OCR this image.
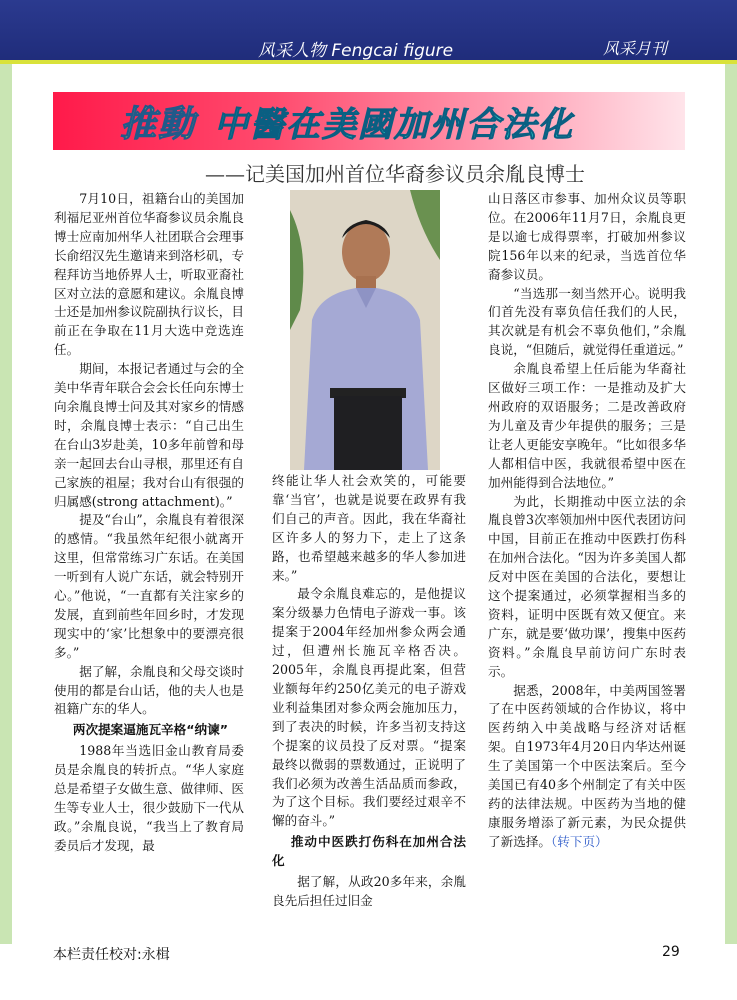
风采人物 Fengcai figure	风采月刊
推動 中醫在美國加州合法化
——记美国加州首位华裔参议员余胤良博士

7月10日，祖籍台山的美国加利福尼亚州首位华裔参议员余胤良博士应南加州华人社团联合会理事长俞绍汉先生邀请来到洛杉矶，专程拜访当地侨界人士，听取亚裔社区对立法的意愿和建议。余胤良博士还是加州参议院副执行议长，目前正在争取在11月大选中竞选连任。

期间，本报记者通过与会的全美中华青年联合会会长任向东博士向余胤良博士问及其对家乡的情感时，余胤良博士表示：“自己出生在台山3岁赴美，10多年前曾和母亲一起回去台山寻根，那里还有自己家族的祖屋；我对台山有很强的归属感(strong attachment)。”

提及“台山”，余胤良有着很深的感情。“我虽然年纪很小就离开这里，但常常练习广东话。在美国一听到有人说广东话，就会特别开心。”他说，“一直都有关注家乡的发展，直到前些年回乡时，才发现现实中的‘家’比想象中的要漂亮很多。”

据了解，余胤良和父母交谈时使用的都是台山话，他的夫人也是祖籍广东的华人。

两次提案逼施瓦辛格“纳谏”

1988年当选旧金山教育局委员是余胤良的转折点。“华人家庭总是希望子女做生意、做律师、医生等专业人士，很少鼓励下一代从政。”余胤良说，“我当上了教育局委员后才发现，最

终能让华人社会欢笑的，可能要靠‘当官’，也就是说要在政界有我们自己的声音。因此，我在华裔社区许多人的努力下，走上了这条路，也希望越来越多的华人参加进来。”

最令余胤良难忘的，是他提议案分级暴力色情电子游戏一事。该提案于2004年经加州参众两会通过，但遭州长施瓦辛格否决。2005年，余胤良再提此案，但营业额每年约250亿美元的电子游戏业利益集团对参众两会施加压力，到了表决的时候，许多当初支持这个提案的议员投了反对票。“提案最终以微弱的票数通过，正说明了我们必须为改善生活品质而参政，为了这个目标。我们要经过艰辛不懈的奋斗。”

推动中医跌打伤科在加州合法化

据了解，从政20多年来，余胤良先后担任过旧金

山日落区市参事、加州众议员等职位。在2006年11月7日，余胤良更是以逾七成得票率，打破加州参议院156年以来的纪录，当选首位华裔参议员。

“当选那一刻当然开心。说明我们首先没有辜负信任我们的人民，其次就是有机会不辜负他们，”余胤良说，“但随后，就觉得任重道远。”

余胤良希望上任后能为华裔社区做好三项工作：一是推动及扩大州政府的双语服务；二是改善政府为儿童及青少年提供的服务；三是让老人更能安享晚年。“比如很多华人都相信中医，我就很希望中医在加州能得到合法地位。”

为此，长期推动中医立法的余胤良曾3次率领加州中医代表团访问中国，目前正在推动中医跌打伤科在加州合法化。“因为许多美国人都反对中医在美国的合法化，要想让这个提案通过，必须掌握相当多的资料，证明中医既有效又便宜。来广东，就是要‘做功课’，搜集中医药资料。”余胤良早前访问广东时表示。

据悉，2008年，中美两国签署了在中医药领域的合作协议，将中医药纳入中美战略与经济对话框架。自1973年4月20日内华达州诞生了美国第一个中医法案后。至今美国已有40多个州制定了有关中医药的法律法规。中医药为当地的健康服务增添了新元素，为民众提供了新选择。（转下页）

本栏责任校对:永楫	29
